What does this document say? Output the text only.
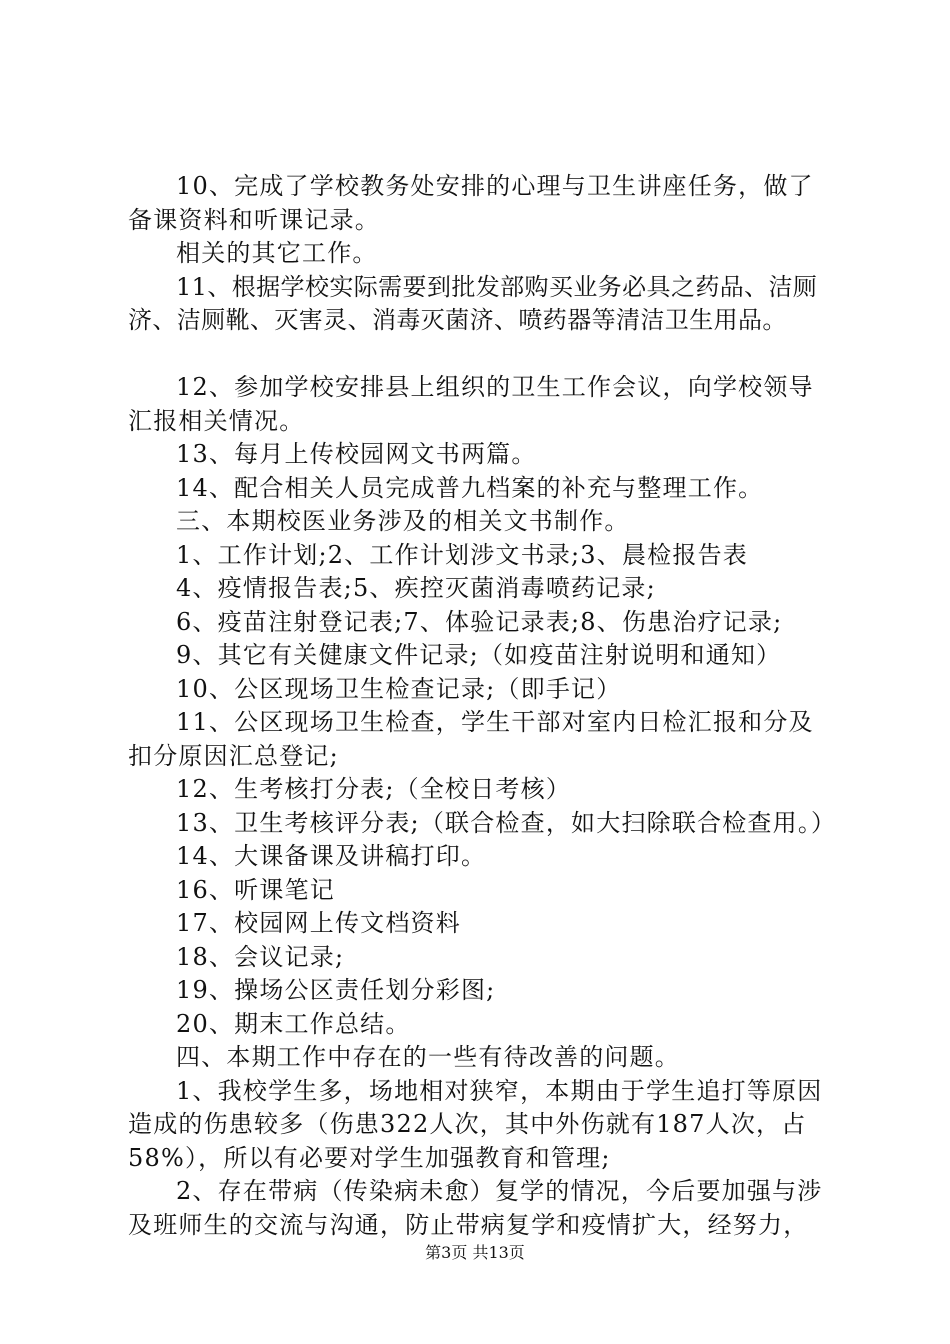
10、完成了学校教务处安排的心理与卫生讲座任务，做了备课资料和听课记录。

相关的其它工作。

11、根据学校实际需要到批发部购买业务必具之药品、洁厕济、洁厕靴、灭害灵、消毒灭菌济、喷药器等清洁卫生用品。

12、参加学校安排县上组织的卫生工作会议，向学校领导汇报相关情况。

13、每月上传校园网文书两篇。

14、配合相关人员完成普九档案的补充与整理工作。

三、本期校医业务涉及的相关文书制作。

1、工作计划;2、工作计划涉文书录;3、晨检报告表

4、疫情报告表;5、疾控灭菌消毒喷药记录;

6、疫苗注射登记表;7、体验记录表;8、伤患治疗记录;

9、其它有关健康文件记录;（如疫苗注射说明和通知）

10、公区现场卫生检查记录;（即手记）

11、公区现场卫生检查，学生干部对室内日检汇报和分及扣分原因汇总登记;

12、生考核打分表;（全校日考核）

13、卫生考核评分表;（联合检查，如大扫除联合检查用。）

14、大课备课及讲稿打印。

16、听课笔记

17、校园网上传文档资料

18、会议记录;

19、操场公区责任划分彩图;

20、期末工作总结。

四、本期工作中存在的一些有待改善的问题。

1、我校学生多，场地相对狭窄，本期由于学生追打等原因造成的伤患较多（伤患322人次，其中外伤就有187人次，占58%），所以有必要对学生加强教育和管理;

2、存在带病（传染病未愈）复学的情况，今后要加强与涉及班师生的交流与沟通，防止带病复学和疫情扩大，经努力，

第3页 共13页
